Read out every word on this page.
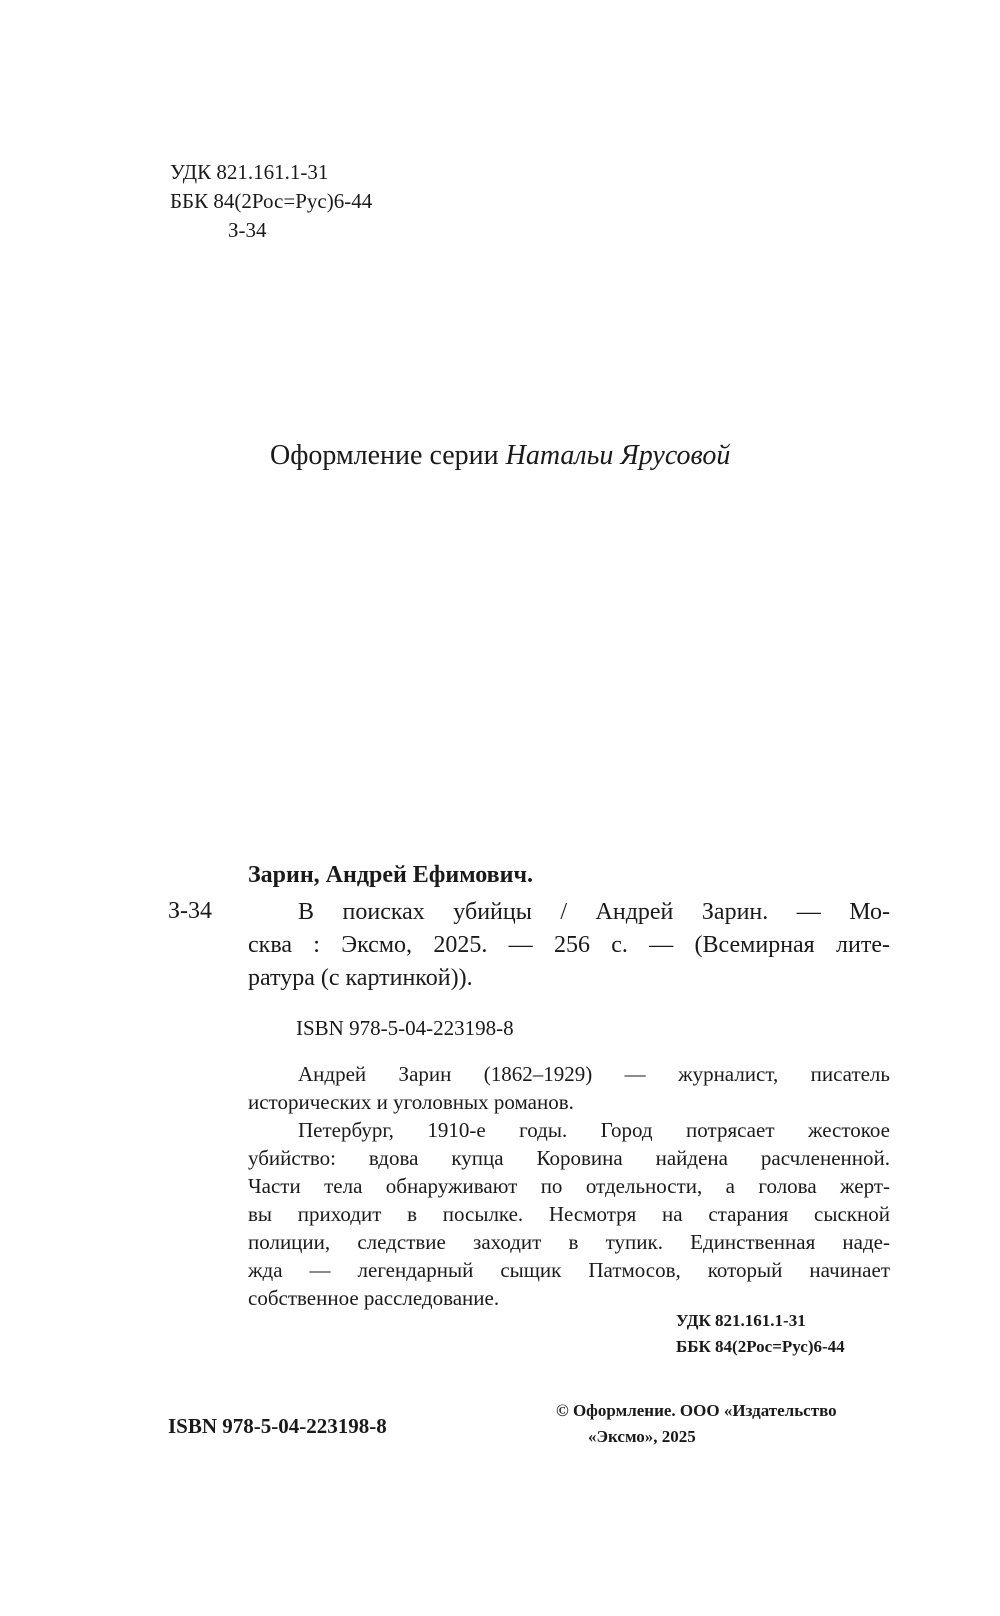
УДК 821.161.1-31
ББК 84(2Рос=Рус)6-44
З-34
Оформление серии Натальи Ярусовой
Зарин, Андрей Ефимович.
З-34	В поисках убийцы / Андрей Зарин. — Мо-
сква : Эксмо, 2025. — 256 с. — (Всемирная лите-
ратура (с картинкой)).
ISBN 978-5-04-223198-8
Андрей Зарин (1862–1929) — журналист, писатель
исторических и уголовных романов.
Петербург, 1910-е годы. Город потрясает жестокое
убийство: вдова купца Коровина найдена расчлененной.
Части тела обнаруживают по отдельности, а голова жерт-
вы приходит в посылке. Несмотря на старания сыскной
полиции, следствие заходит в тупик. Единственная наде-
жда — легендарный сыщик Патмосов, который начинает
собственное расследование.
УДК 821.161.1-31
ББК 84(2Рос=Рус)6-44
ISBN 978-5-04-223198-8
© Оформление. ООО «Издательство
«Эксмо», 2025
